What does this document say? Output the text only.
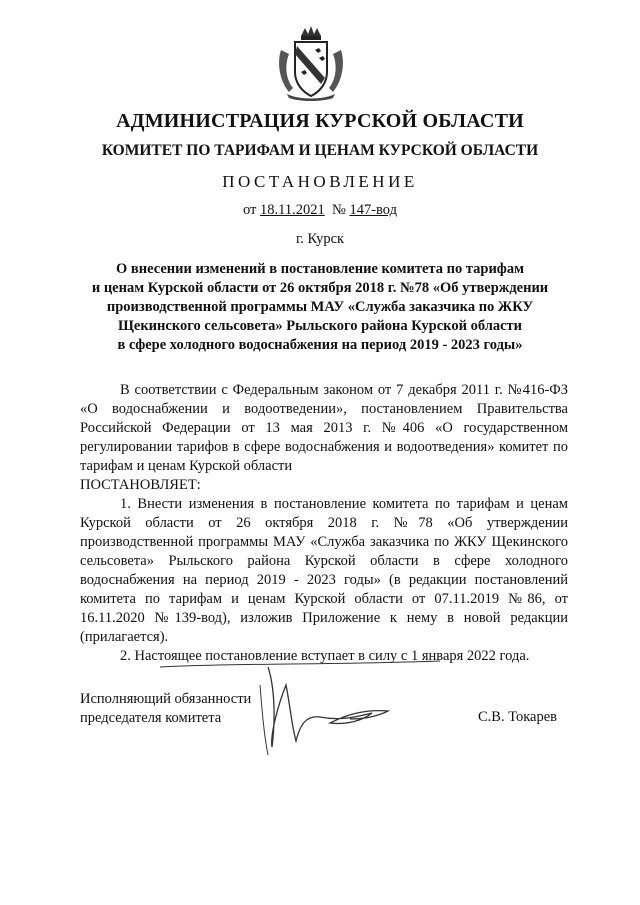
АДМИНИСТРАЦИЯ КУРСКОЙ ОБЛАСТИ
КОМИТЕТ ПО ТАРИФАМ И ЦЕНАМ КУРСКОЙ ОБЛАСТИ
ПОСТАНОВЛЕНИЕ
от 18.11.2021 № 147-вод
г. Курск
О внесении изменений в постановление комитета по тарифам
и ценам Курской области от 26 октября 2018 г. №78 «Об утверждении
производственной программы МАУ «Служба заказчика по ЖКУ
Щекинского сельсовета» Рыльского района Курской области
в сфере холодного водоснабжения на период 2019 - 2023 годы»

В соответствии с Федеральным законом от 7 декабря 2011 г. №416-ФЗ «О водоснабжении и водоотведении», постановлением Правительства Российской Федерации от 13 мая 2013 г. №406 «О государственном регулировании тарифов в сфере водоснабжения и водоотведения» комитет по тарифам и ценам Курской области

ПОСТАНОВЛЯЕТ:

1. Внести изменения в постановление комитета по тарифам и ценам Курской области от 26 октября 2018 г. №78 «Об утверждении производственной программы МАУ «Служба заказчика по ЖКУ Щекинского сельсовета» Рыльского района Курской области в сфере холодного водоснабжения на период 2019 - 2023 годы» (в редакции постановлений комитета по тарифам и ценам Курской области от 07.11.2019 №86, от 16.11.2020 №139-вод), изложив Приложение к нему в новой редакции (прилагается).

2. Настоящее постановление вступает в силу с 1 января 2022 года.

Исполняющий обязанности
председателя комитета	С.В. Токарев
